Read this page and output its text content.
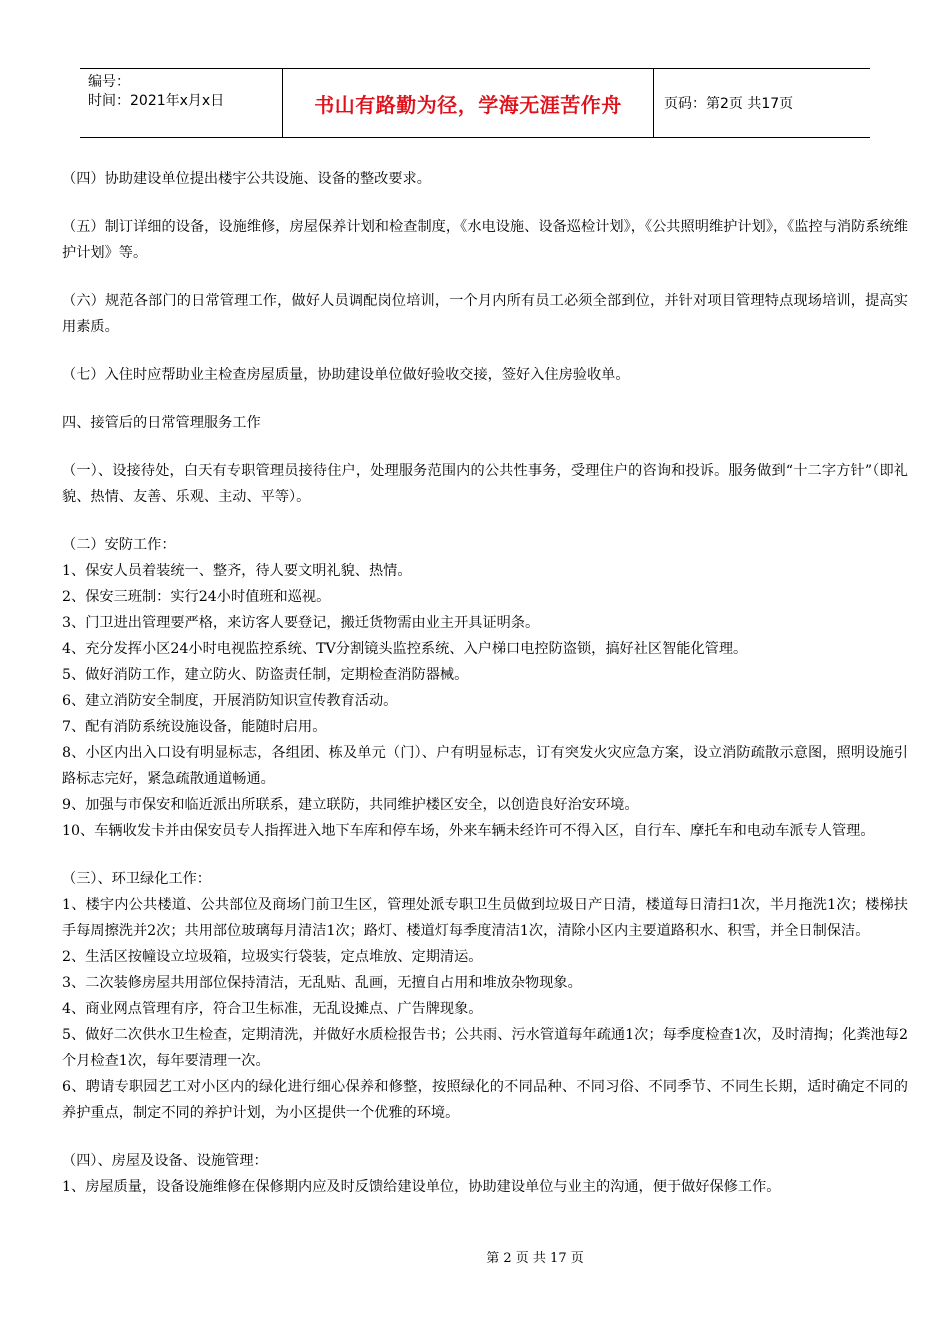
编号：
时间：2021年x月x日	书山有路勤为径，学海无涯苦作舟	页码：第2页 共17页
（四）协助建设单位提出楼宇公共设施、设备的整改要求。
（五）制订详细的设备，设施维修，房屋保养计划和检查制度，《水电设施、设备巡检计划》，《公共照明维护计划》，《监控与消防系统维护计划》等。
（六）规范各部门的日常管理工作，做好人员调配岗位培训，一个月内所有员工必须全部到位，并针对项目管理特点现场培训，提高实用素质。
（七）入住时应帮助业主检查房屋质量，协助建设单位做好验收交接，签好入住房验收单。
四、接管后的日常管理服务工作
（一）、设接待处，白天有专职管理员接待住户，处理服务范围内的公共性事务，受理住户的咨询和投诉。服务做到“十二字方针”（即礼貌、热情、友善、乐观、主动、平等）。
（二）安防工作：
1、保安人员着装统一、整齐，待人要文明礼貌、热情。
2、保安三班制：实行24小时值班和巡视。
3、门卫进出管理要严格，来访客人要登记，搬迁货物需由业主开具证明条。
4、充分发挥小区24小时电视监控系统、TV分割镜头监控系统、入户梯口电控防盗锁，搞好社区智能化管理。
5、做好消防工作，建立防火、防盗责任制，定期检查消防器械。
6、建立消防安全制度，开展消防知识宣传教育活动。
7、配有消防系统设施设备，能随时启用。
8、小区内出入口设有明显标志，各组团、栋及单元（门）、户有明显标志，订有突发火灾应急方案，设立消防疏散示意图，照明设施引路标志完好，紧急疏散通道畅通。
9、加强与市保安和临近派出所联系，建立联防，共同维护楼区安全，以创造良好治安环境。
10、车辆收发卡并由保安员专人指挥进入地下车库和停车场，外来车辆未经许可不得入区，自行车、摩托车和电动车派专人管理。
（三）、环卫绿化工作：
1、楼宇内公共楼道、公共部位及商场门前卫生区，管理处派专职卫生员做到垃圾日产日清，楼道每日清扫1次，半月拖洗1次；楼梯扶手每周擦洗并2次；共用部位玻璃每月清洁1次；路灯、楼道灯每季度清洁1次，清除小区内主要道路积水、积雪，并全日制保洁。
2、生活区按幢设立垃圾箱，垃圾实行袋装，定点堆放、定期清运。
3、二次装修房屋共用部位保持清洁，无乱贴、乱画，无擅自占用和堆放杂物现象。
4、商业网点管理有序，符合卫生标准，无乱设摊点、广告牌现象。
5、做好二次供水卫生检查，定期清洗，并做好水质检报告书；公共雨、污水管道每年疏通1次；每季度检查1次，及时清掏；化粪池每2个月检查1次，每年要清理一次。
6、聘请专职园艺工对小区内的绿化进行细心保养和修整，按照绿化的不同品种、不同习俗、不同季节、不同生长期，适时确定不同的养护重点，制定不同的养护计划，为小区提供一个优雅的环境。
（四）、房屋及设备、设施管理：
1、房屋质量，设备设施维修在保修期内应及时反馈给建设单位，协助建设单位与业主的沟通，便于做好保修工作。
第 2 页 共 17 页
